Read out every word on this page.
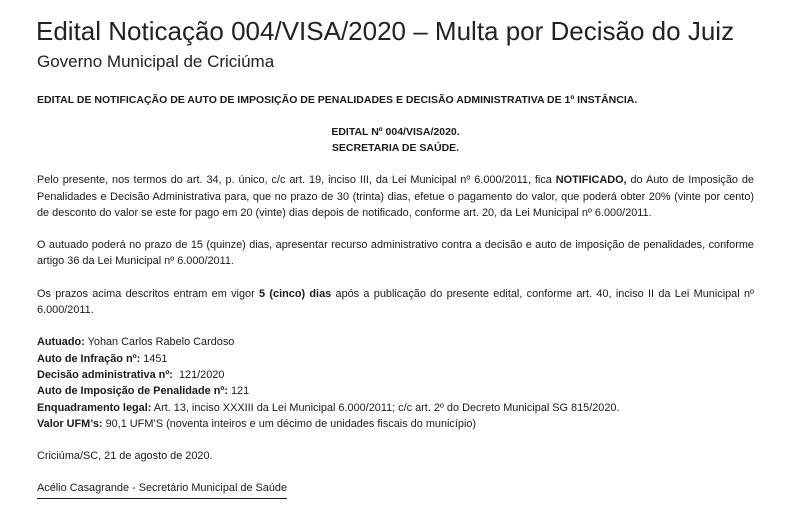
Edital Noticação 004/VISA/2020 – Multa por Decisão do Juiz
Governo Municipal de Criciúma

EDITAL DE NOTIFICAÇÃO DE AUTO DE IMPOSIÇÃO DE PENALIDADES E DECISÃO ADMINISTRATIVA DE 1º INSTÂNCIA.

EDITAL Nº 004/VISA/2020.
SECRETARIA DE SAÚDE.

Pelo presente, nos termos do art. 34, p. único, c/c art. 19, inciso III, da Lei Municipal nº 6.000/2011, fica NOTIFICADO, do Auto de Imposição de Penalidades e Decisão Administrativa para, que no prazo de 30 (trinta) dias, efetue o pagamento do valor, que poderá obter 20% (vinte por cento) de desconto do valor se este for pago em 20 (vinte) dias depois de notificado, conforme art. 20, da Lei Municipal nº 6.000/2011.

O autuado poderá no prazo de 15 (quinze) dias, apresentar recurso administrativo contra a decisão e auto de imposição de penalidades, conforme artigo 36 da Lei Municipal nº 6.000/2011.

Os prazos acima descritos entram em vigor 5 (cinco) dias após a publicação do presente edital, conforme art. 40, inciso II da Lei Municipal nº 6.000/2011.

Autuado: Yohan Carlos Rabelo Cardoso
Auto de Infração nº: 1451
Decisão administrativa nº:  121/2020
Auto de Imposição de Penalidade nº: 121
Enquadramento legal: Art. 13, inciso XXXIII da Lei Municipal 6.000/2011; c/c art. 2º do Decreto Municipal SG 815/2020.
Valor UFM’s: 90,1 UFM’S (noventa inteiros e um décimo de unidades fiscais do município)
Criciúma/SC, 21 de agosto de 2020.
Acélio Casagrande - Secretário Municipal de Saúde
